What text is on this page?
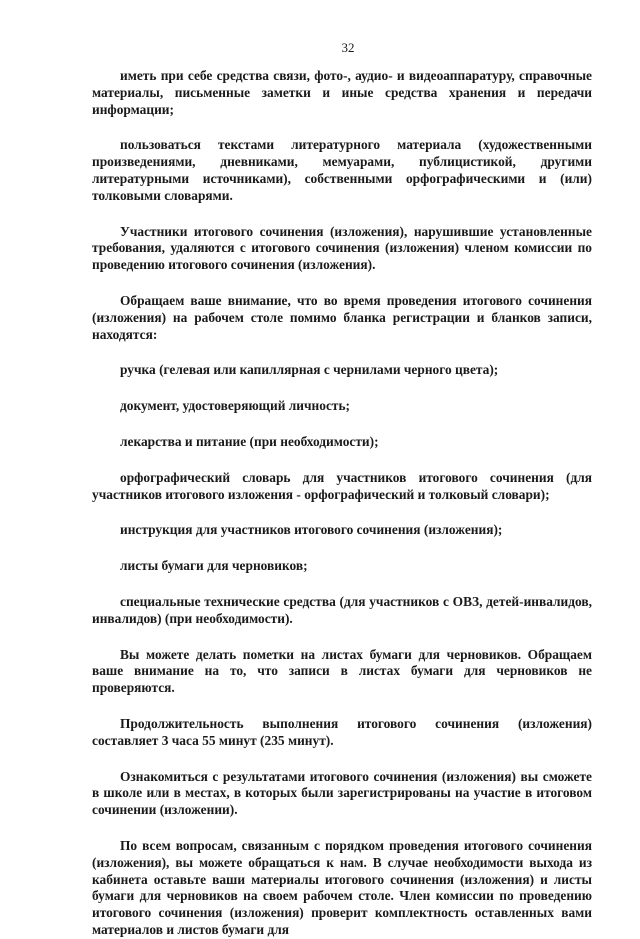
32

иметь при себе средства связи, фото-, аудио- и видеоаппаратуру, справочные материалы, письменные заметки и иные средства хранения и передачи информации;

пользоваться текстами литературного материала (художественными произведениями, дневниками, мемуарами, публицистикой, другими литературными источниками), собственными орфографическими и (или) толковыми словарями.

Участники итогового сочинения (изложения), нарушившие установленные требования, удаляются с итогового сочинения (изложения) членом комиссии по проведению итогового сочинения (изложения).

Обращаем ваше внимание, что во время проведения итогового сочинения (изложения) на рабочем столе помимо бланка регистрации и бланков записи, находятся:

ручка (гелевая или капиллярная с чернилами черного цвета);

документ, удостоверяющий личность;

лекарства и питание (при необходимости);

орфографический словарь для участников итогового сочинения (для участников итогового изложения - орфографический и толковый словари);

инструкция для участников итогового сочинения (изложения);

листы бумаги для черновиков;

специальные технические средства (для участников с ОВЗ, детей-инвалидов, инвалидов) (при необходимости).

Вы можете делать пометки на листах бумаги для черновиков. Обращаем ваше внимание на то, что записи в листах бумаги для черновиков не проверяются.

Продолжительность выполнения итогового сочинения (изложения) составляет 3 часа 55 минут (235 минут).

Ознакомиться с результатами итогового сочинения (изложения) вы сможете в школе или в местах, в которых были зарегистрированы на участие в итоговом сочинении (изложении).

По всем вопросам, связанным с порядком проведения итогового сочинения (изложения), вы можете обращаться к нам. В случае необходимости выхода из кабинета оставьте ваши материалы итогового сочинения (изложения) и листы бумаги для черновиков на своем рабочем столе. Член комиссии по проведению итогового сочинения (изложения) проверит комплектность оставленных вами материалов и листов бумаги для
